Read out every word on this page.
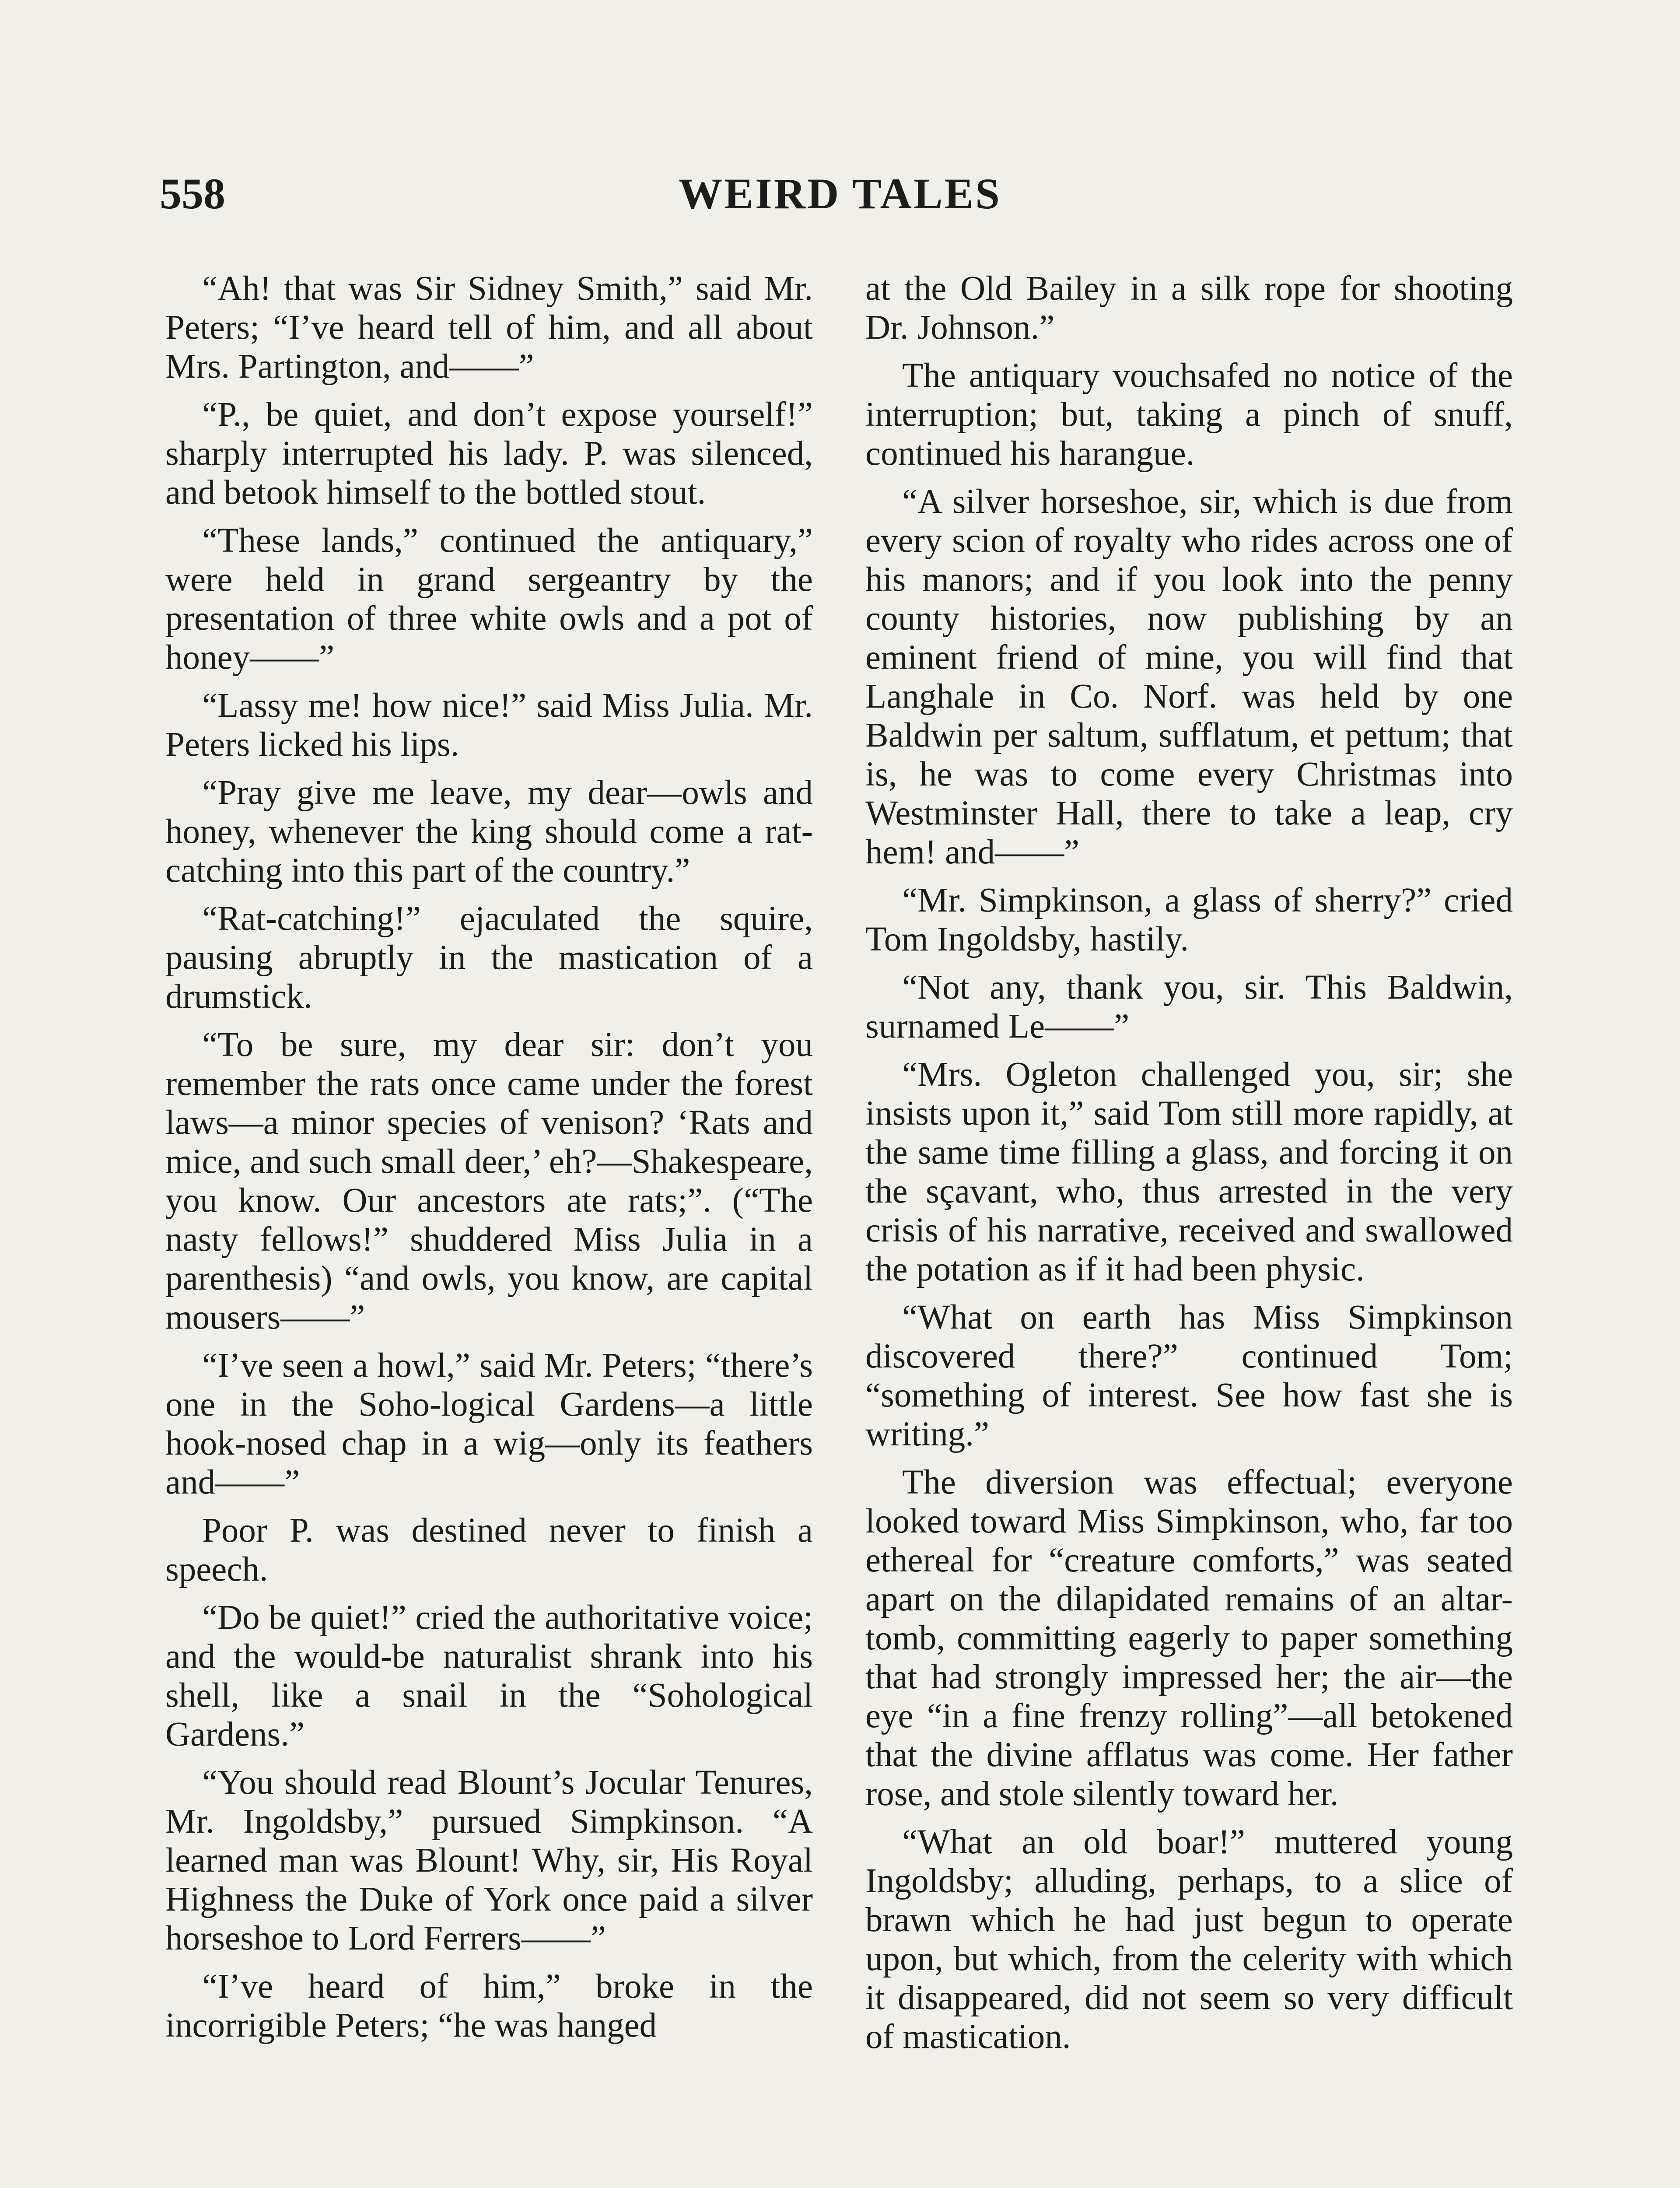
558	WEIRD TALES

“Ah! that was Sir Sidney Smith,” said Mr. Peters; “I’ve heard tell of him, and all about Mrs. Partington, and——”

“P., be quiet, and don’t expose yourself!” sharply interrupted his lady. P. was silenced, and betook himself to the bottled stout.

“These lands,” continued the antiquary,” were held in grand sergeantry by the presentation of three white owls and a pot of honey——”

“Lassy me! how nice!” said Miss Julia. Mr. Peters licked his lips.

“Pray give me leave, my dear—owls and honey, whenever the king should come a rat-catching into this part of the country.”

“Rat-catching!” ejaculated the squire, pausing abruptly in the mastication of a drumstick.

“To be sure, my dear sir: don’t you remember the rats once came under the forest laws—a minor species of venison? ‘Rats and mice, and such small deer,’ eh?—Shakespeare, you know. Our ancestors ate rats;”. (“The nasty fellows!” shuddered Miss Julia in a parenthesis) “and owls, you know, are capital mousers——”

“I’ve seen a howl,” said Mr. Peters; “there’s one in the Soho-logical Gardens—a little hook-nosed chap in a wig—only its feathers and——”

Poor P. was destined never to finish a speech.

“Do be quiet!” cried the authoritative voice; and the would-be naturalist shrank into his shell, like a snail in the “Sohological Gardens.”

“You should read Blount’s Jocular Tenures, Mr. Ingoldsby,” pursued Simpkinson. “A learned man was Blount! Why, sir, His Royal Highness the Duke of York once paid a silver horseshoe to Lord Ferrers——”

“I’ve heard of him,” broke in the incorrigible Peters; “he was hanged

at the Old Bailey in a silk rope for shooting Dr. Johnson.”

The antiquary vouchsafed no notice of the interruption; but, taking a pinch of snuff, continued his harangue.

“A silver horseshoe, sir, which is due from every scion of royalty who rides across one of his manors; and if you look into the penny county histories, now publishing by an eminent friend of mine, you will find that Langhale in Co. Norf. was held by one Baldwin per saltum, sufflatum, et pettum; that is, he was to come every Christmas into Westminster Hall, there to take a leap, cry hem! and——”

“Mr. Simpkinson, a glass of sherry?” cried Tom Ingoldsby, hastily.

“Not any, thank you, sir. This Baldwin, surnamed Le——”

“Mrs. Ogleton challenged you, sir; she insists upon it,” said Tom still more rapidly, at the same time filling a glass, and forcing it on the sçavant, who, thus arrested in the very crisis of his narrative, received and swallowed the potation as if it had been physic.

“What on earth has Miss Simpkinson discovered there?” continued Tom; “something of interest. See how fast she is writing.”

The diversion was effectual; everyone looked toward Miss Simpkinson, who, far too ethereal for “creature comforts,” was seated apart on the dilapidated remains of an altar-tomb, committing eagerly to paper something that had strongly impressed her; the air—the eye “in a fine frenzy rolling”—all betokened that the divine afflatus was come. Her father rose, and stole silently toward her.

“What an old boar!” muttered young Ingoldsby; alluding, perhaps, to a slice of brawn which he had just begun to operate upon, but which, from the celerity with which it disappeared, did not seem so very difficult of mastication.
